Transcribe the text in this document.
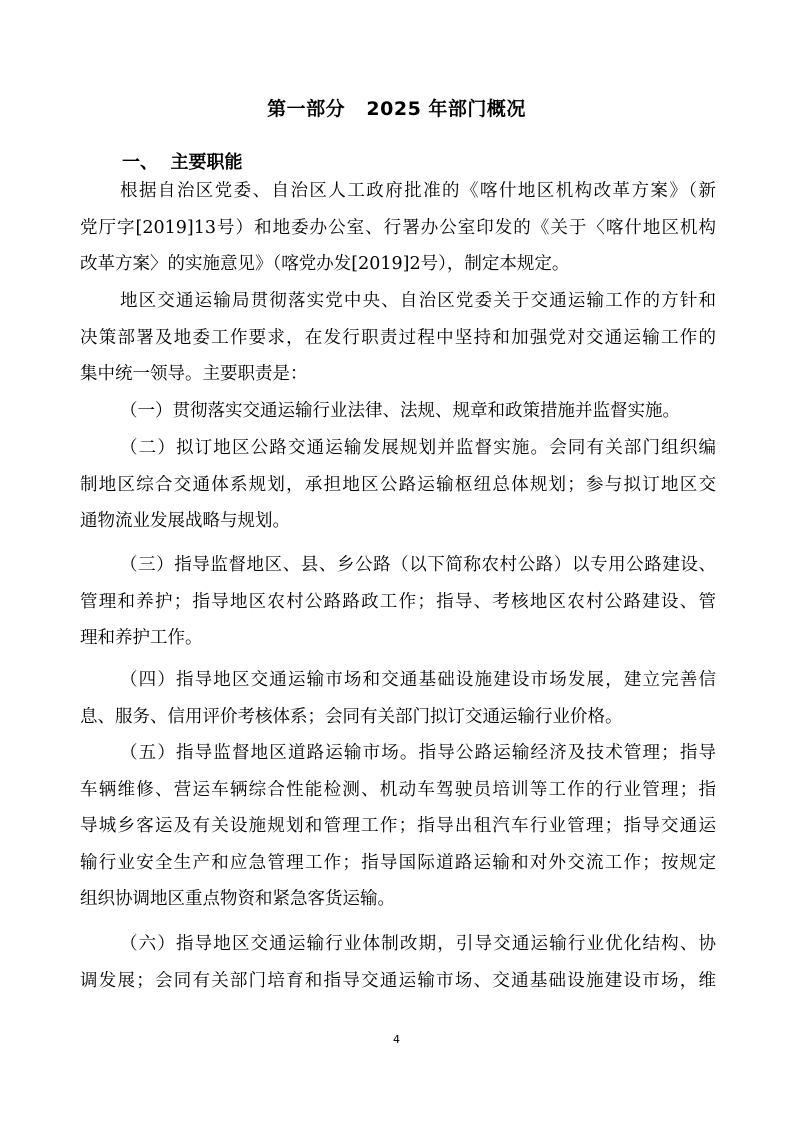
第一部分   2025 年部门概况
一、  主要职能
根据自治区党委、自治区人工政府批准的《喀什地区机构改革方案》（新
党厅字[2019]13号）和地委办公室、行署办公室印发的《关于〈喀什地区机构
改革方案〉的实施意见》（喀党办发[2019]2号），制定本规定。
地区交通运输局贯彻落实党中央、自治区党委关于交通运输工作的方针和
决策部署及地委工作要求，在发行职责过程中坚持和加强党对交通运输工作的
集中统一领导。主要职责是：
（一）贯彻落实交通运输行业法律、法规、规章和政策措施并监督实施。
（二）拟订地区公路交通运输发展规划并监督实施。会同有关部门组织编
制地区综合交通体系规划，承担地区公路运输枢纽总体规划；参与拟订地区交
通物流业发展战略与规划。
（三）指导监督地区、县、乡公路（以下简称农村公路）以专用公路建设、
管理和养护；指导地区农村公路路政工作；指导、考核地区农村公路建设、管
理和养护工作。
（四）指导地区交通运输市场和交通基础设施建设市场发展，建立完善信
息、服务、信用评价考核体系；会同有关部门拟订交通运输行业价格。
（五）指导监督地区道路运输市场。指导公路运输经济及技术管理；指导
车辆维修、营运车辆综合性能检测、机动车驾驶员培训等工作的行业管理；指
导城乡客运及有关设施规划和管理工作；指导出租汽车行业管理；指导交通运
输行业安全生产和应急管理工作；指导国际道路运输和对外交流工作；按规定
组织协调地区重点物资和紧急客货运输。
（六）指导地区交通运输行业体制改期，引导交通运输行业优化结构、协
调发展；会同有关部门培育和指导交通运输市场、交通基础设施建设市场，维
4
